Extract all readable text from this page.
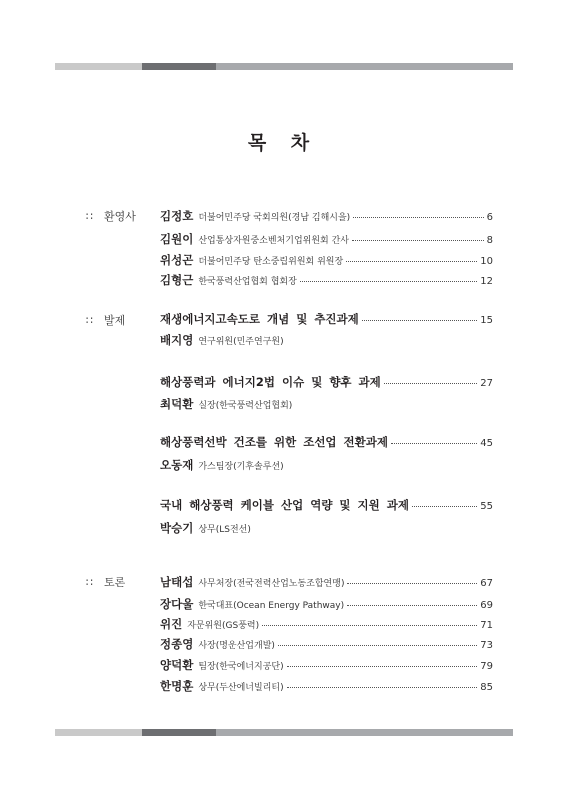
목 차
∷ 환영사 김정호 더불어민주당 국회의원(경남 김해시을)	6
김원이 산업통상자원중소벤처기업위원회 간사	8
위성곤 더불어민주당 탄소중립위원회 위원장	10
김형근 한국풍력산업협회 협회장	12
∷ 발제	재생에너지고속도로 개념 및 추진과제	15
배지영 연구위원(민주연구원)
해상풍력과 에너지2법 이슈 및 향후 과제	27
최덕환 실장(한국풍력산업협회)
해상풍력선박 건조를 위한 조선업 전환과제	45
오동재 가스팀장(기후솔루션)
국내 해상풍력 케이블 산업 역량 및 지원 과제	55
박승기 상무(LS전선)
∷ 토론	남태섭 사무처장(전국전력산업노동조합연맹)	67
장다울 한국대표(Ocean Energy Pathway)	69
위진 자문위원(GS풍력)	71
정종영 사장(명운산업개발)	73
양덕환 팀장(한국에너지공단)	79
한명훈 상무(두산에너빌리티)	85
